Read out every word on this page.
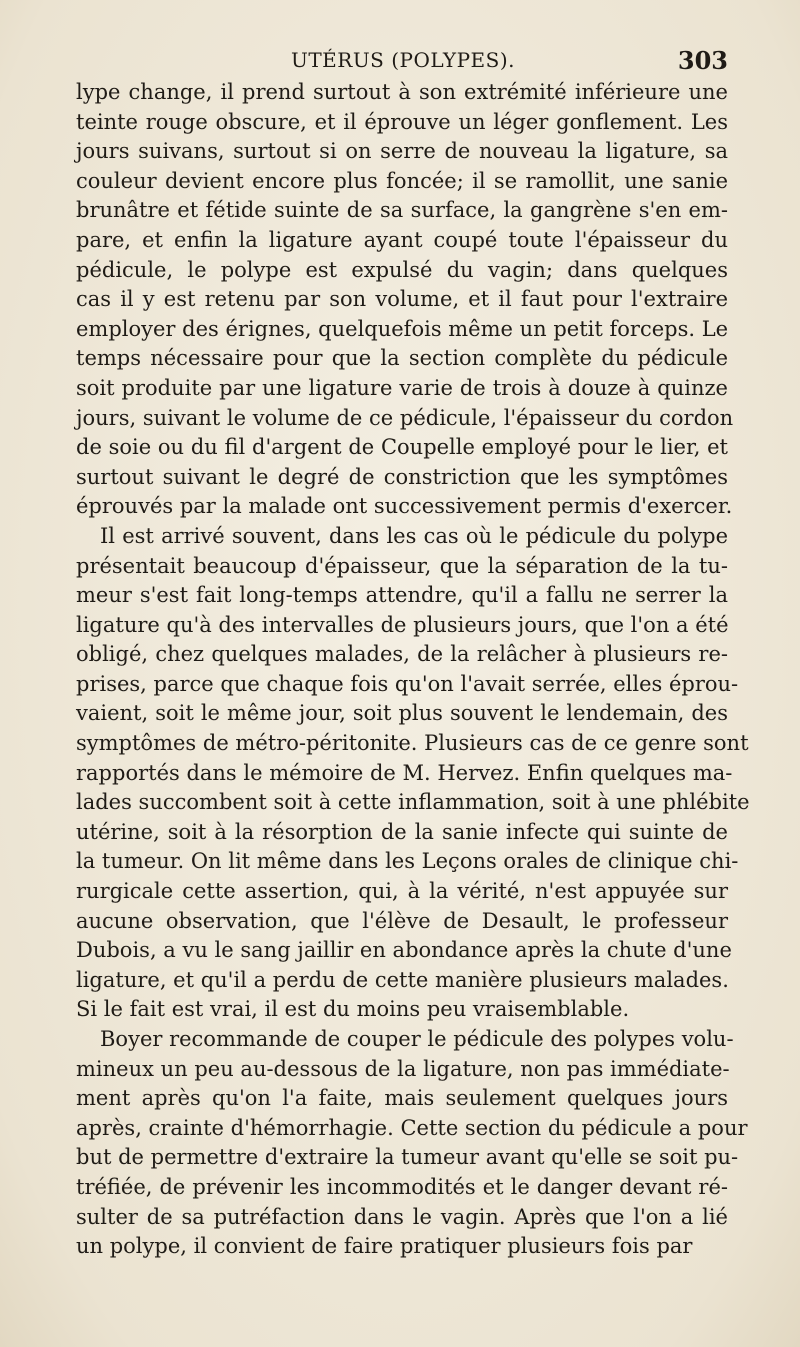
UTÉRUS (POLYPES).	303
lype change, il prend surtout à son extrémité inférieure une
teinte rouge obscure, et il éprouve un léger gonflement. Les
jours suivans, surtout si on serre de nouveau la ligature, sa
couleur devient encore plus foncée; il se ramollit, une sanie
brunâtre et fétide suinte de sa surface, la gangrène s'en em-
pare, et enfin la ligature ayant coupé toute l'épaisseur du
pédicule, le polype est expulsé du vagin; dans quelques
cas il y est retenu par son volume, et il faut pour l'extraire
employer des érignes, quelquefois même un petit forceps. Le
temps nécessaire pour que la section complète du pédicule
soit produite par une ligature varie de trois à douze à quinze
jours, suivant le volume de ce pédicule, l'épaisseur du cordon
de soie ou du fil d'argent de Coupelle employé pour le lier, et
surtout suivant le degré de constriction que les symptômes
éprouvés par la malade ont successivement permis d'exercer.
Il est arrivé souvent, dans les cas où le pédicule du polype
présentait beaucoup d'épaisseur, que la séparation de la tu-
meur s'est fait long-temps attendre, qu'il a fallu ne serrer la
ligature qu'à des intervalles de plusieurs jours, que l'on a été
obligé, chez quelques malades, de la relâcher à plusieurs re-
prises, parce que chaque fois qu'on l'avait serrée, elles éprou-
vaient, soit le même jour, soit plus souvent le lendemain, des
symptômes de métro-péritonite. Plusieurs cas de ce genre sont
rapportés dans le mémoire de M. Hervez. Enfin quelques ma-
lades succombent soit à cette inflammation, soit à une phlébite
utérine, soit à la résorption de la sanie infecte qui suinte de
la tumeur. On lit même dans les Leçons orales de clinique chi-
rurgicale cette assertion, qui, à la vérité, n'est appuyée sur
aucune observation, que l'élève de Desault, le professeur
Dubois, a vu le sang jaillir en abondance après la chute d'une
ligature, et qu'il a perdu de cette manière plusieurs malades.
Si le fait est vrai, il est du moins peu vraisemblable.
Boyer recommande de couper le pédicule des polypes volu-
mineux un peu au-dessous de la ligature, non pas immédiate-
ment après qu'on l'a faite, mais seulement quelques jours
après, crainte d'hémorrhagie. Cette section du pédicule a pour
but de permettre d'extraire la tumeur avant qu'elle se soit pu-
tréfiée, de prévenir les incommodités et le danger devant ré-
sulter de sa putréfaction dans le vagin. Après que l'on a lié
un polype, il convient de faire pratiquer plusieurs fois par
